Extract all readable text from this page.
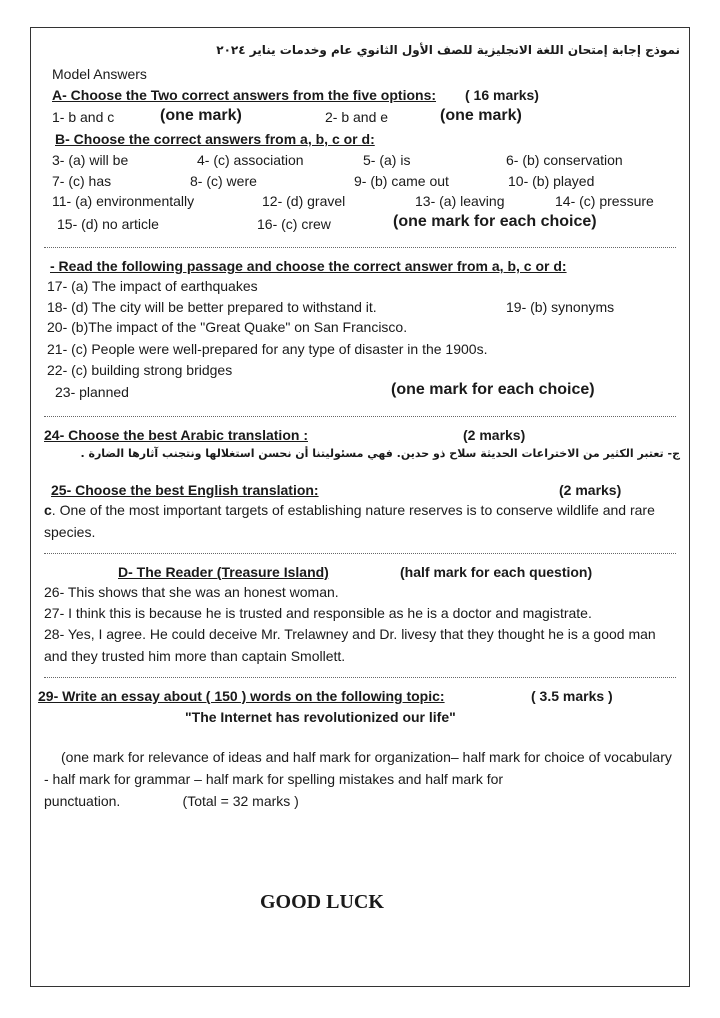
نموذج إجابة إمتحان اللغة الانجليزية للصف الأول الثانوي عام وخدمات يناير ٢٠٢٤
Model Answers
A- Choose the Two correct answers from the five options: ( 16 marks)
1- b and c	(one mark)	2- b and e	(one mark)
B- Choose the correct answers from a, b, c or d:
3- (a) will be	4- (c) association	5- (a) is	6- (b) conservation
7- (c) has	8- (c) were	9- (b) came out	10- (b) played
11- (a) environmentally	12- (d) gravel	13- (a) leaving	14- (c) pressure
15- (d) no article	16- (c) crew	(one mark for each choice)
- Read the following passage and choose the correct answer from a, b, c or d:
17- (a) The impact of earthquakes
18- (d) The city will be better prepared to withstand it.	19- (b) synonyms
20- (b)The impact of the "Great Quake" on San Francisco.
21- (c) People were well-prepared for any type of disaster in the 1900s.
22- (c) building strong bridges
23- planned	(one mark for each choice)
24- Choose the best Arabic translation :	(2 marks)
ج- تعتبر الكثير من الاختراعات الحديثة سلاح ذو حدين. فهي مسئوليتنا أن نحسن استغلالها ونتجنب آثارها الضارة .
25- Choose the best English translation:	(2 marks)
c. One of the most important targets of establishing nature reserves is to conserve wildlife and rare species.
D- The Reader (Treasure Island)	(half mark for each question)
26- This shows that she was an honest woman.
27- I think this is because he is trusted and responsible as he is a doctor and magistrate.
28- Yes, I agree. He could deceive Mr. Trelawney and Dr. livesy that they thought he is a good man and they trusted him more than captain Smollett.
29- Write an essay about ( 150 ) words on the following topic:	( 3.5 marks )
"The Internet has revolutionized our life"
(one mark for relevance of ideas and half mark for organization– half mark for choice of vocabulary - half mark for grammar – half mark for spelling mistakes and half mark for punctuation.	(Total = 32 marks )
GOOD LUCK
